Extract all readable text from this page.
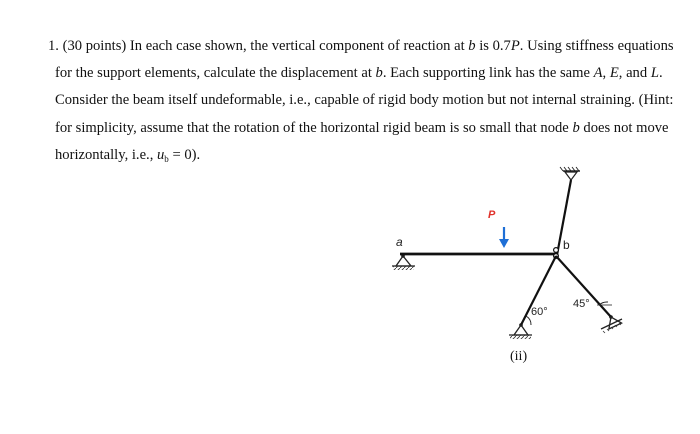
1. (30 points) In each case shown, the vertical component of reaction at b is 0.7P. Using stiffness equations
for the support elements, calculate the displacement at b. Each supporting link has the same A, E, and L.
Consider the beam itself undeformable, i.e., capable of rigid body motion but not internal straining. (Hint:
for simplicity, assume that the rotation of the horizontal rigid beam is so small that node b does not move
horizontally, i.e., $u_b = 0$).
P
a	b
60°
45°
(ii)
